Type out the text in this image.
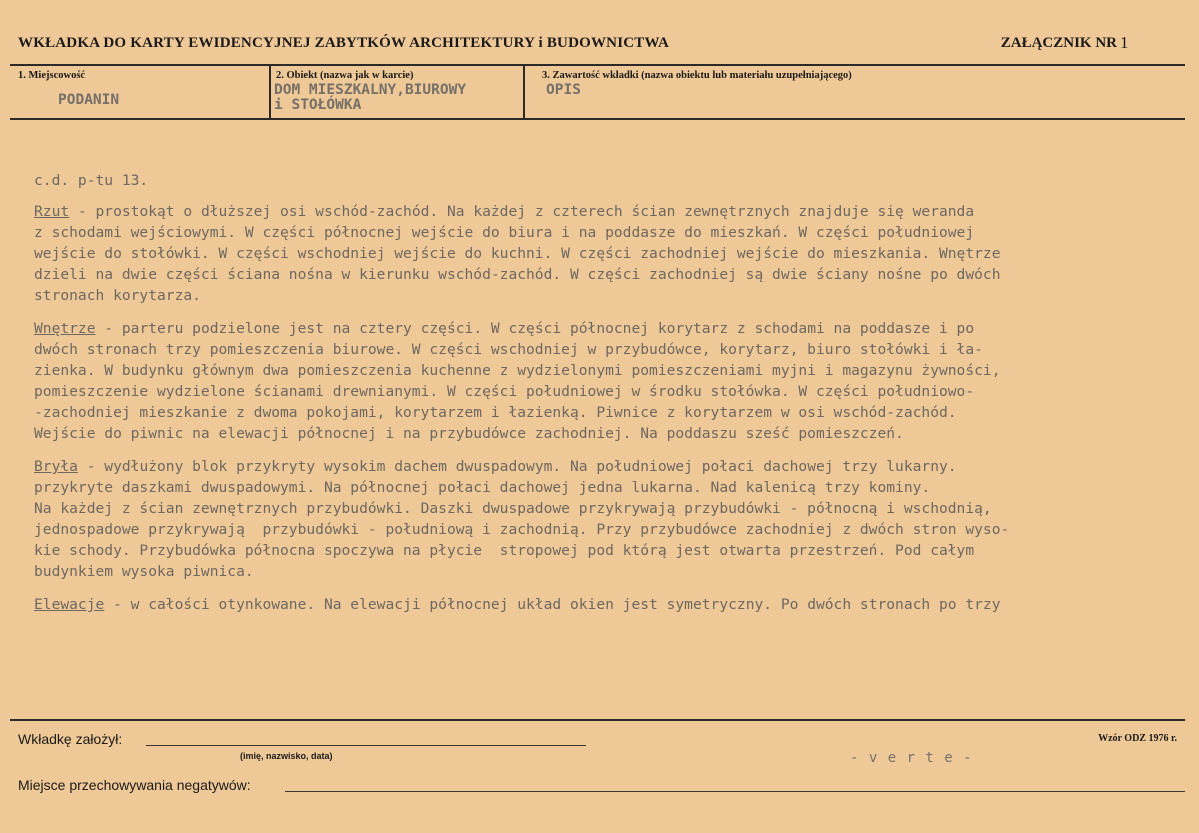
WKŁADKA DO KARTY EWIDENCYJNEJ ZABYTKÓW ARCHITEKTURY i BUDOWNICTWA	ZAŁĄCZNIK NR 1
1. Miejscowość
PODANIN
2. Obiekt (nazwa jak w karcie)
DOM MIESZKALNY,BIUROWY
i STOŁÓWKA
3. Zawartość wkładki (nazwa obiektu lub materiału uzupełniającego)
OPIS

c.d. p-tu 13.

Rzut - prostokąt o dłuższej osi wschód-zachód. Na każdej z czterech ścian zewnętrznych znajduje się weranda
z schodami wejściowymi. W części północnej wejście do biura i na poddasze do mieszkań. W części południowej
wejście do stołówki. W części wschodniej wejście do kuchni. W części zachodniej wejście do mieszkania. Wnętrze
dzieli na dwie części ściana nośna w kierunku wschód-zachód. W części zachodniej są dwie ściany nośne po dwóch
stronach korytarza.

Wnętrze - parteru podzielone jest na cztery części. W części północnej korytarz z schodami na poddasze i po
dwóch stronach trzy pomieszczenia biurowe. W części wschodniej w przybudówce, korytarz, biuro stołówki i ła-
zienka. W budynku głównym dwa pomieszczenia kuchenne z wydzielonymi pomieszczeniami myjni i magazynu żywności,
pomieszczenie wydzielone ścianami drewnianymi. W części południowej w środku stołówka. W części południowo-
-zachodniej mieszkanie z dwoma pokojami, korytarzem i łazienką. Piwnice z korytarzem w osi wschód-zachód.
Wejście do piwnic na elewacji północnej i na przybudówce zachodniej. Na poddaszu sześć pomieszczeń.

Bryła - wydłużony blok przykryty wysokim dachem dwuspadowym. Na południowej połaci dachowej trzy lukarny.
przykryte daszkami dwuspadowymi. Na północnej połaci dachowej jedna lukarna. Nad kalenicą trzy kominy.
Na każdej z ścian zewnętrznych przybudówki. Daszki dwuspadowe przykrywają przybudówki - północną i wschodnią,
jednospadowe przykrywają  przybudówki - południową i zachodnią. Przy przybudówce zachodniej z dwóch stron wyso-
kie schody. Przybudówka północna spoczywa na płycie  stropowej pod którą jest otwarta przestrzeń. Pod całym
budynkiem wysoka piwnica.

Elewacje - w całości otynkowane. Na elewacji północnej układ okien jest symetryczny. Po dwóch stronach po trzy

Wkładkę założył:
(imię, nazwisko, data)
Miejsce przechowywania negatywów:
Wzór ODZ 1976 r.
- v e r t e -
